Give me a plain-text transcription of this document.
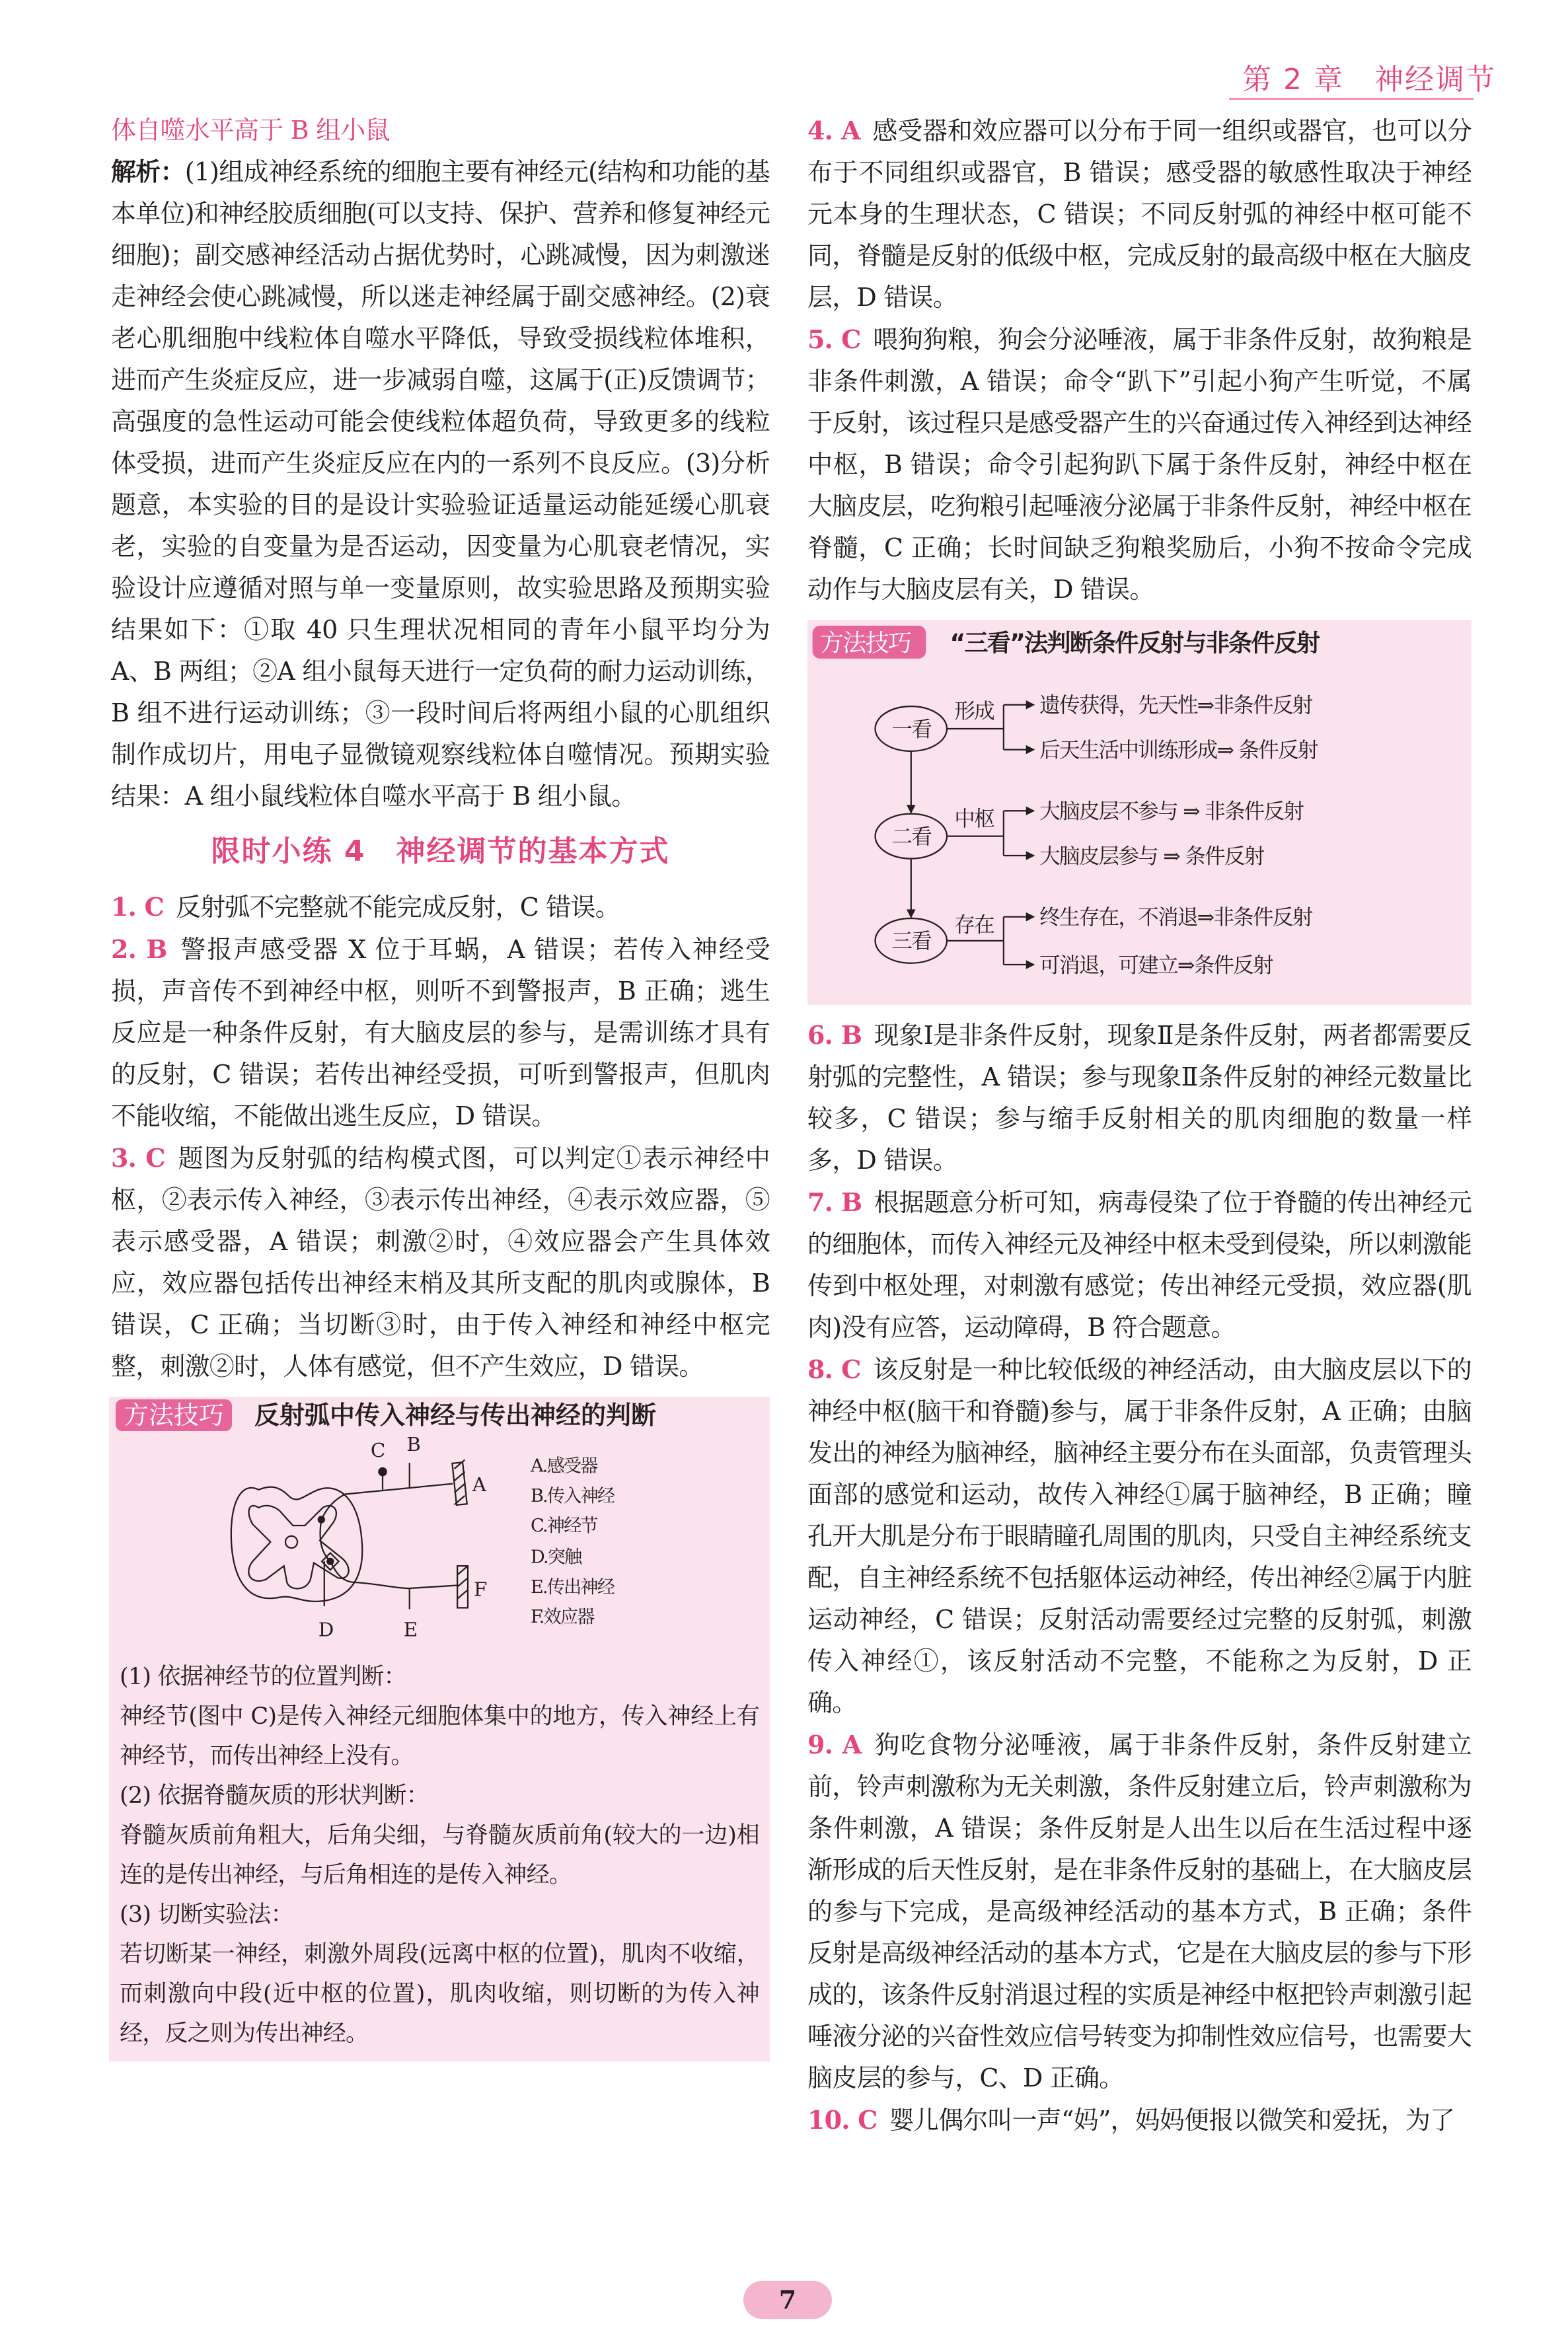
第 2 章　神经调节
体自噬水平高于 B 组小鼠
解析：(1)组成神经系统的细胞主要有神经元(结构和功能的基本单位)和神经胶质细胞(可以支持、保护、营养和修复神经元细胞)；副交感神经活动占据优势时，心跳减慢，因为刺激迷走神经会使心跳减慢，所以迷走神经属于副交感神经。(2)衰老心肌细胞中线粒体自噬水平降低，导致受损线粒体堆积，进而产生炎症反应，进一步减弱自噬，这属于(正)反馈调节；高强度的急性运动可能会使线粒体超负荷，导致更多的线粒体受损，进而产生炎症反应在内的一系列不良反应。(3)分析题意，本实验的目的是设计实验验证适量运动能延缓心肌衰老，实验的自变量为是否运动，因变量为心肌衰老情况，实验设计应遵循对照与单一变量原则，故实验思路及预期实验结果如下：①取 40 只生理状况相同的青年小鼠平均分为 A、B 两组；②A 组小鼠每天进行一定负荷的耐力运动训练，B 组不进行运动训练；③一段时间后将两组小鼠的心肌组织制作成切片，用电子显微镜观察线粒体自噬情况。预期实验结果：A 组小鼠线粒体自噬水平高于 B 组小鼠。
限时小练 4　神经调节的基本方式

1. C 反射弧不完整就不能完成反射，C 错误。

2. B 警报声感受器 X 位于耳蜗，A 错误；若传入神经受损，声音传不到神经中枢，则听不到警报声，B 正确；逃生反应是一种条件反射，有大脑皮层的参与，是需训练才具有的反射，C 错误；若传出神经受损，可听到警报声，但肌肉不能收缩，不能做出逃生反应，D 错误。

3. C 题图为反射弧的结构模式图，可以判定①表示神经中枢，②表示传入神经，③表示传出神经，④表示效应器，⑤表示感受器，A 错误；刺激②时，④效应器会产生具体效应，效应器包括传出神经末梢及其所支配的肌肉或腺体，B 错误，C 正确；当切断③时，由于传入神经和神经中枢完整，刺激②时，人体有感觉，但不产生效应，D 错误。

方法技巧	反射弧中传入神经与传出神经的判断
C	B
A
F
D	E
A.感受器
B.传入神经
C.神经节
D.突触
E.传出神经
F.效应器
(1) 依据神经节的位置判断：
神经节(图中 C)是传入神经元细胞体集中的地方，传入神经上有神经节，而传出神经上没有。
(2) 依据脊髓灰质的形状判断：
脊髓灰质前角粗大，后角尖细，与脊髓灰质前角(较大的一边)相连的是传出神经，与后角相连的是传入神经。
(3) 切断实验法：
若切断某一神经，刺激外周段(远离中枢的位置)，肌肉不收缩，而刺激向中段(近中枢的位置)，肌肉收缩，则切断的为传入神经，反之则为传出神经。

4. A 感受器和效应器可以分布于同一组织或器官，也可以分布于不同组织或器官，B 错误；感受器的敏感性取决于神经元本身的生理状态，C 错误；不同反射弧的神经中枢可能不同，脊髓是反射的低级中枢，完成反射的最高级中枢在大脑皮层，D 错误。

5. C 喂狗狗粮，狗会分泌唾液，属于非条件反射，故狗粮是非条件刺激，A 错误；命令“趴下”引起小狗产生听觉，不属于反射，该过程只是感受器产生的兴奋通过传入神经到达神经中枢，B 错误；命令引起狗趴下属于条件反射，神经中枢在大脑皮层，吃狗粮引起唾液分泌属于非条件反射，神经中枢在脊髓，C 正确；长时间缺乏狗粮奖励后，小狗不按命令完成动作与大脑皮层有关，D 错误。

方法技巧	“三看”法判断条件反射与非条件反射
一看
二看
三看
形成
中枢
存在
遗传获得，先天性⇒非条件反射
后天生活中训练形成⇒ 条件反射
大脑皮层不参与 ⇒ 非条件反射
大脑皮层参与 ⇒ 条件反射
终生存在，不消退⇒非条件反射
可消退，可建立⇒条件反射

6. B 现象Ⅰ是非条件反射，现象Ⅱ是条件反射，两者都需要反射弧的完整性，A 错误；参与现象Ⅱ条件反射的神经元数量比较多，C 错误；参与缩手反射相关的肌肉细胞的数量一样多，D 错误。

7. B 根据题意分析可知，病毒侵染了位于脊髓的传出神经元的细胞体，而传入神经元及神经中枢未受到侵染，所以刺激能传到中枢处理，对刺激有感觉；传出神经元受损，效应器(肌肉)没有应答，运动障碍，B 符合题意。

8. C 该反射是一种比较低级的神经活动，由大脑皮层以下的神经中枢(脑干和脊髓)参与，属于非条件反射，A 正确；由脑发出的神经为脑神经，脑神经主要分布在头面部，负责管理头面部的感觉和运动，故传入神经①属于脑神经，B 正确；瞳孔开大肌是分布于眼睛瞳孔周围的肌肉，只受自主神经系统支配，自主神经系统不包括躯体运动神经，传出神经②属于内脏运动神经，C 错误；反射活动需要经过完整的反射弧，刺激传入神经①，该反射活动不完整，不能称之为反射，D 正确。

9. A 狗吃食物分泌唾液，属于非条件反射，条件反射建立前，铃声刺激称为无关刺激，条件反射建立后，铃声刺激称为条件刺激，A 错误；条件反射是人出生以后在生活过程中逐渐形成的后天性反射，是在非条件反射的基础上，在大脑皮层的参与下完成，是高级神经活动的基本方式，B 正确；条件反射是高级神经活动的基本方式，它是在大脑皮层的参与下形成的，该条件反射消退过程的实质是神经中枢把铃声刺激引起唾液分泌的兴奋性效应信号转变为抑制性效应信号，也需要大脑皮层的参与，C、D 正确。

10. C 婴儿偶尔叫一声“妈”，妈妈便报以微笑和爱抚，为了

7
